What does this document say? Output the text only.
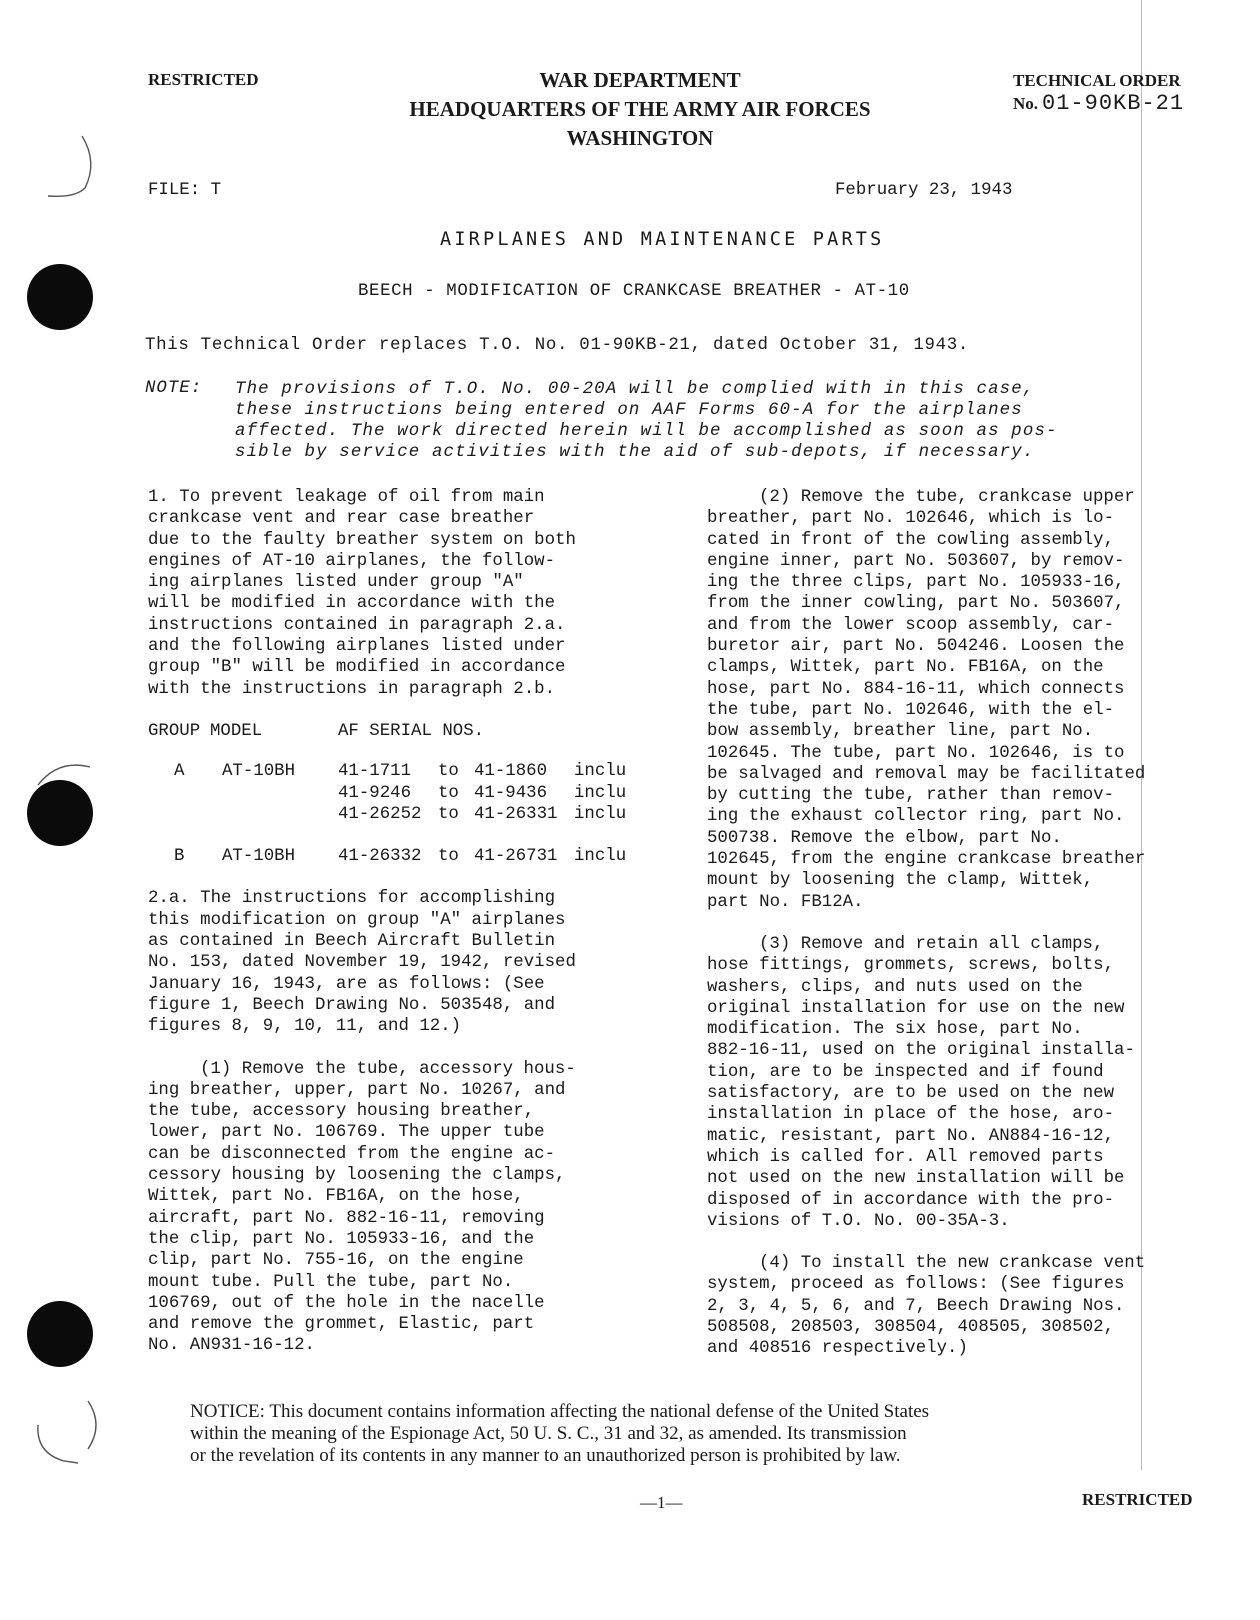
RESTRICTED	WAR DEPARTMENT
HEADQUARTERS OF THE ARMY AIR FORCES
WASHINGTON
TECHNICAL ORDER
No. 01-90KB-21
FILE: T	February 23, 1943
AIRPLANES AND MAINTENANCE PARTS
BEECH - MODIFICATION OF CRANKCASE BREATHER - AT-10
This Technical Order replaces T.O. No. 01-90KB-21, dated October 31, 1943.
NOTE: The provisions of T.O. No. 00-20A will be complied with in this case,
these instructions being entered on AAF Forms 60-A for the airplanes
affected. The work directed herein will be accomplished as soon as pos-
sible by service activities with the aid of sub-depots, if necessary.

1. To prevent leakage of oil from main

crankcase vent and rear case breather

due to the faulty breather system on both

engines of AT-10 airplanes, the follow-

ing airplanes listed under group "A"

will be modified in accordance with the

instructions contained in paragraph 2.a.

and the following airplanes listed under

group "B" will be modified in accordance

with the instructions in paragraph 2.b.

GROUP	MODEL	AF SERIAL NOS.			

A	AT-10BH	41-1711	to	41-1860	inclu
		41-9246	to	41-9436	inclu
		41-26252	to	41-26331	inclu

B	AT-10BH	41-26332	to	41-26731	inclu

2.a. The instructions for accomplishing

this modification on group "A" airplanes

as contained in Beech Aircraft Bulletin

No. 153, dated November 19, 1942, revised

January 16, 1943, are as follows: (See

figure 1, Beech Drawing No. 503548, and

figures 8, 9, 10, 11, and 12.)

(1) Remove the tube, accessory hous-

ing breather, upper, part No. 10267, and

the tube, accessory housing breather,

lower, part No. 106769. The upper tube

can be disconnected from the engine ac-

cessory housing by loosening the clamps,

Wittek, part No. FB16A, on the hose,

aircraft, part No. 882-16-11, removing

the clip, part No. 105933-16, and the

clip, part No. 755-16, on the engine

mount tube. Pull the tube, part No.

106769, out of the hole in the nacelle

and remove the grommet, Elastic, part

No. AN931-16-12.

(2) Remove the tube, crankcase upper

breather, part No. 102646, which is lo-

cated in front of the cowling assembly,

engine inner, part No. 503607, by remov-

ing the three clips, part No. 105933-16,

from the inner cowling, part No. 503607,

and from the lower scoop assembly, car-

buretor air, part No. 504246. Loosen the

clamps, Wittek, part No. FB16A, on the

hose, part No. 884-16-11, which connects

the tube, part No. 102646, with the el-

bow assembly, breather line, part No.

102645. The tube, part No. 102646, is to

be salvaged and removal may be facilitated

by cutting the tube, rather than remov-

ing the exhaust collector ring, part No.

500738. Remove the elbow, part No.

102645, from the engine crankcase breather

mount by loosening the clamp, Wittek,

part No. FB12A.

(3) Remove and retain all clamps,

hose fittings, grommets, screws, bolts,

washers, clips, and nuts used on the

original installation for use on the new

modification. The six hose, part No.

882-16-11, used on the original installa-

tion, are to be inspected and if found

satisfactory, are to be used on the new

installation in place of the hose, aro-

matic, resistant, part No. AN884-16-12,

which is called for. All removed parts

not used on the new installation will be

disposed of in accordance with the pro-

visions of T.O. No. 00-35A-3.

(4) To install the new crankcase vent

system, proceed as follows: (See figures

2, 3, 4, 5, 6, and 7, Beech Drawing Nos.

508508, 208503, 308504, 408505, 308502,

and 408516 respectively.)

NOTICE: This document contains information affecting the national defense of the United States

within the meaning of the Espionage Act, 50 U. S. C., 31 and 32, as amended. Its transmission

or the revelation of its contents in any manner to an unauthorized person is prohibited by law.

—1—	RESTRICTED
